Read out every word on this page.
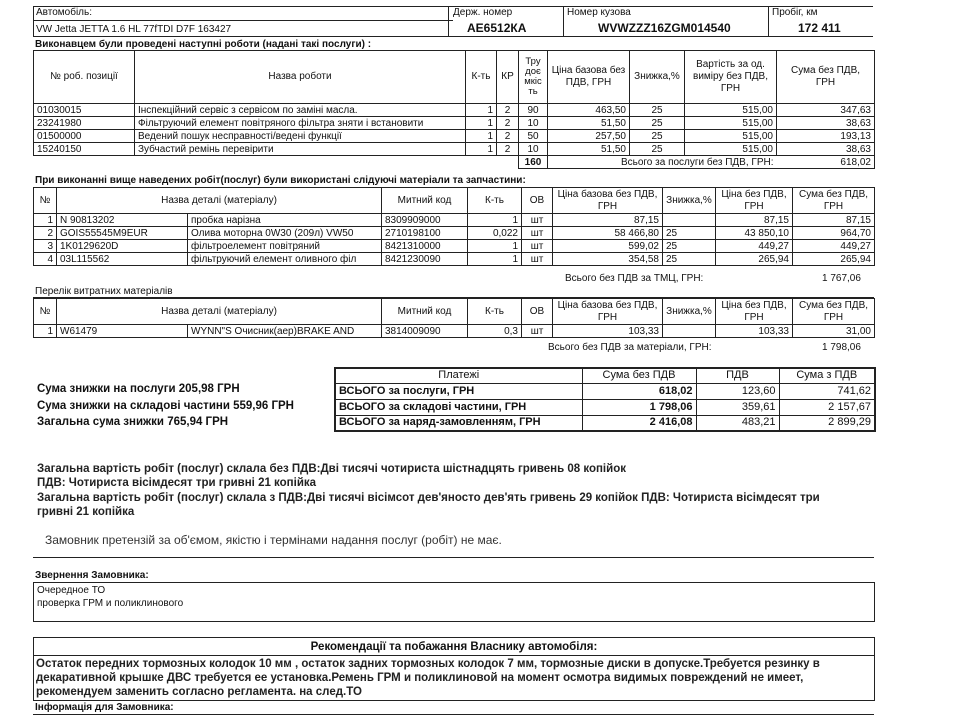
Автомобіль:
VW Jetta JETTA 1.6 HL 77fTDI D7F 163427
Держ. номер
АЕ6512КА
Номер кузова
WVWZZZ16ZGM014540
Пробіг, км
172 411
Виконавцем були проведені наступні роботи (надані такі послуги) :
№ роб. позиції	Назва роботи	К-ть	КР	Тру доє мкіс ть	Ціна базова без ПДВ, ГРН	Знижка,%	Вартість за од. виміру без ПДВ, ГРН	Сума без ПДВ, ГРН
01030015	Інспекційний сервіс з сервісом по заміні масла.	1	2	90	463,50	25	515,00	347,63
23241980	Фільтруючий елемент повітряного фільтра зняти і встановити	1	2	10	51,50	25	515,00	38,63
01500000	Ведений пошук несправності/ведені функції	1	2	50	257,50	25	515,00	193,13
15240150	Зубчастий ремінь перевірити	1	2	10	51,50	25	515,00	38,63
				160	Всього за послуги без ПДВ, ГРН:			618,02
При виконанні вище наведених робіт(послуг) були використані слідуючі матеріали та запчастини:
№	Назва деталі (матеріалу)		Митний код	К-ть	ОВ	Ціна базова без ПДВ, ГРН	Знижка,%	Ціна без ПДВ, ГРН	Сума без ПДВ, ГРН
1	N 90813202	пробка нарізна	8309909000	1	шт	87,15		87,15	87,15
2	GOIS55545M9EUR	Олива моторна 0W30 (209л) VW50	2710198100	0,022	шт	58 466,80	25	43 850,10	964,70
3	1K0129620D	фільтроелемент повітряний	8421310000	1	шт	599,02	25	449,27	449,27
4	03L115562	фільтруючий елемент оливного філ	8421230090	1	шт	354,58	25	265,94	265,94
Всього без ПДВ за ТМЦ, ГРН:	1 767,06
Перелік витратних матеріалів
№	Назва деталі (матеріалу)		Митний код	К-ть	ОВ	Ціна базова без ПДВ, ГРН	Знижка,%	Ціна без ПДВ, ГРН	Сума без ПДВ, ГРН
1	W61479	WYNN"S Очисник(аер)BRAKE AND	3814009090	0,3	шт	103,33		103,33	31,00
Всього без ПДВ за матеріали, ГРН:	1 798,06
Сума знижки на послуги 205,98 ГРН
Сума знижки на складові частини 559,96 ГРН
Загальна сума знижки 765,94 ГРН
Платежі	Сума без ПДВ	ПДВ	Сума з ПДВ
ВСЬОГО за послуги, ГРН	618,02	123,60	741,62
ВСЬОГО за складові частини, ГРН	1 798,06	359,61	2 157,67
ВСЬОГО за наряд-замовленням, ГРН	2 416,08	483,21	2 899,29
Загальна вартість робіт (послуг) склала без ПДВ:Дві тисячі чотириста шістнадцять гривень 08 копійок
ПДВ: Чотириста вісімдесят три гривні 21 копійка
Загальна вартість робіт (послуг) склала з ПДВ:Дві тисячі вісімсот дев'яносто дев'ять гривень 29 копійок ПДВ: Чотириста вісімдесят три
гривні 21 копійка
Замовник претензій за об'ємом, якістю і термінами надання послуг (робіт) не має.
Звернення Замовника:
Очередное ТО
проверка ГРМ и поликлинового
Рекомендації та побажання Власнику автомобіля:
Остаток передних тормозных колодок 10 мм , остаток задних тормозных колодок 7 мм, тормозные диски в допуске.Требуется резинку в
декаративной крышке ДВС требуется ее установка.Ремень ГРМ и поликлиновой на момент осмотра видимых повреждений не имеет,
рекомендуем заменить согласно регламента. на след.ТО
Інформація для Замовника:
